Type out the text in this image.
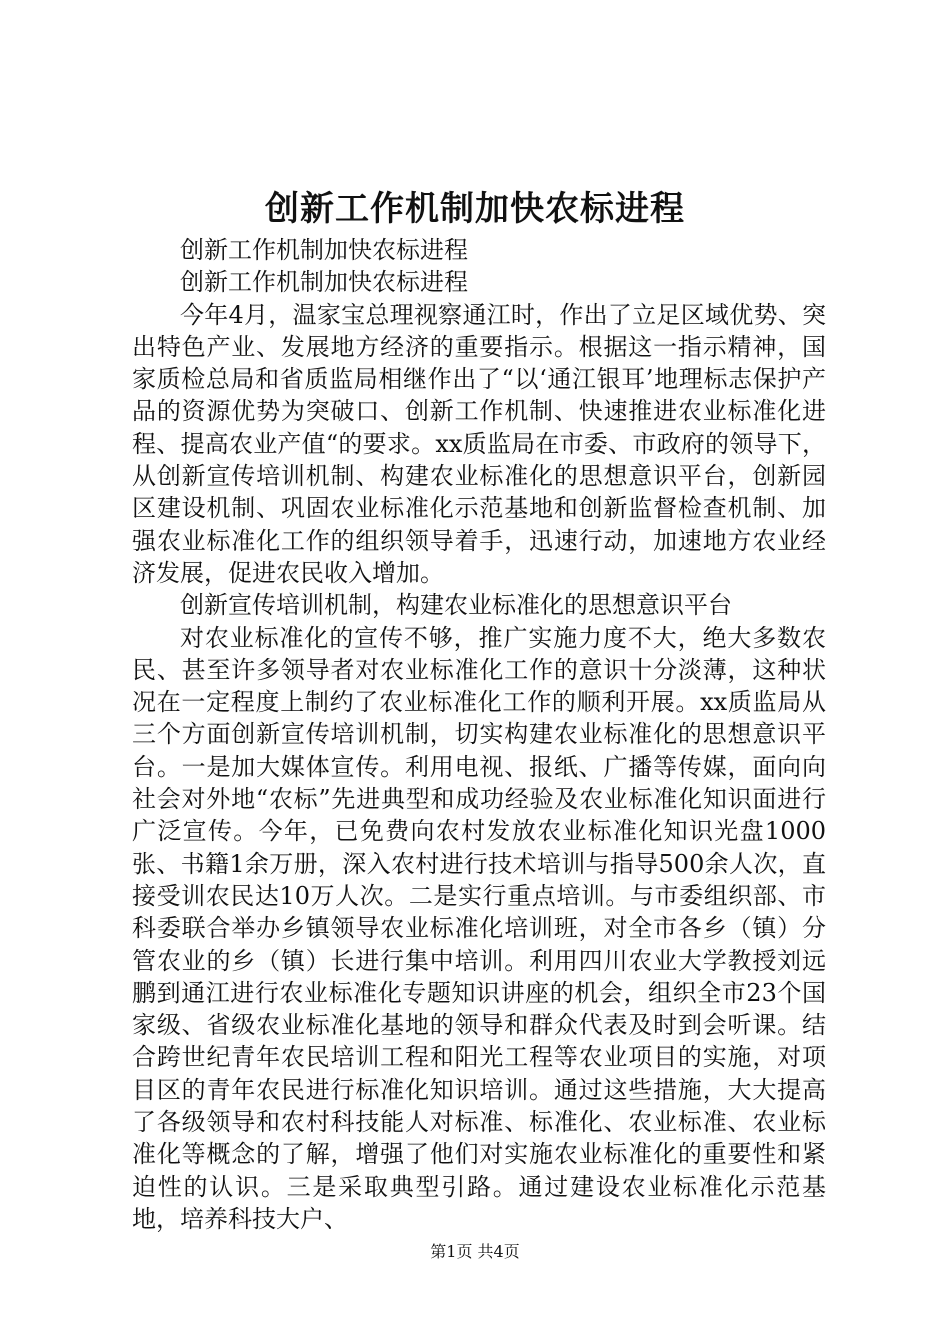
创新工作机制加快农标进程

创新工作机制加快农标进程

创新工作机制加快农标进程

今年4月，温家宝总理视察通江时，作出了立足区域优势、突出特色产业、发展地方经济的重要指示。根据这一指示精神，国家质检总局和省质监局相继作出了“以‘通江银耳’地理标志保护产品的资源优势为突破口、创新工作机制、快速推进农业标准化进程、提高农业产值“的要求。xx质监局在市委、市政府的领导下，从创新宣传培训机制、构建农业标准化的思想意识平台，创新园区建设机制、巩固农业标准化示范基地和创新监督检查机制、加强农业标准化工作的组织领导着手，迅速行动，加速地方农业经济发展，促进农民收入增加。

创新宣传培训机制，构建农业标准化的思想意识平台

对农业标准化的宣传不够，推广实施力度不大，绝大多数农民、甚至许多领导者对农业标准化工作的意识十分淡薄，这种状况在一定程度上制约了农业标准化工作的顺利开展。xx质监局从三个方面创新宣传培训机制，切实构建农业标准化的思想意识平台。一是加大媒体宣传。利用电视、报纸、广播等传媒，面向向社会对外地“农标”先进典型和成功经验及农业标准化知识面进行广泛宣传。今年，已免费向农村发放农业标准化知识光盘1000张、书籍1余万册，深入农村进行技术培训与指导500余人次，直接受训农民达10万人次。二是实行重点培训。与市委组织部、市科委联合举办乡镇领导农业标准化培训班，对全市各乡（镇）分管农业的乡（镇）长进行集中培训。利用四川农业大学教授刘远鹏到通江进行农业标准化专题知识讲座的机会，组织全市23个国家级、省级农业标准化基地的领导和群众代表及时到会听课。结合跨世纪青年农民培训工程和阳光工程等农业项目的实施，对项目区的青年农民进行标准化知识培训。通过这些措施，大大提高了各级领导和农村科技能人对标准、标准化、农业标准、农业标准化等概念的了解，增强了他们对实施农业标准化的重要性和紧迫性的认识。三是采取典型引路。通过建设农业标准化示范基地，培养科技大户、

第1页 共4页
